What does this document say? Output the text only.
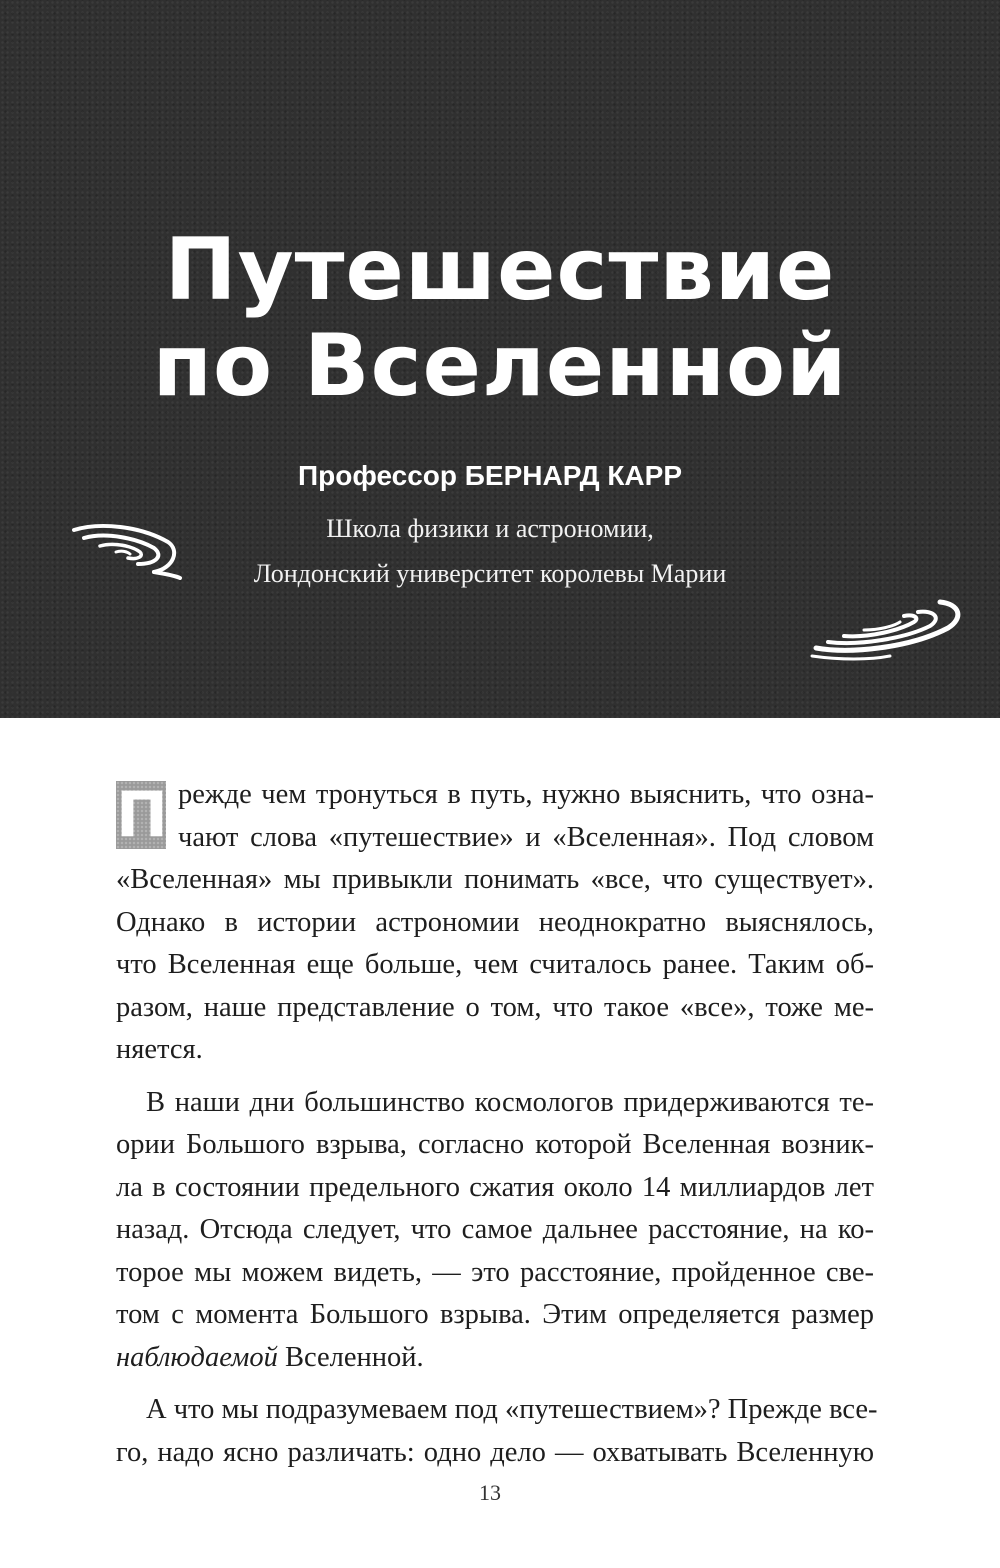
Путешествие
по Вселенной
Профессор БЕРНАРД КАРР
Школа физики и астрономии,
Лондонский университет королевы Марии
П режде чем тронуться в путь, нужно выяснить, что озна-
чают слова «путешествие» и «Вселенная». Под словом
«Вселенная» мы привыкли понимать «все, что существует».
Однако в истории астрономии неоднократно выяснялось,
что Вселенная еще больше, чем считалось ранее. Таким об-
разом, наше представление о том, что такое «все», тоже ме-
няется.
В наши дни большинство космологов придерживаются те-
ории Большого взрыва, согласно которой Вселенная возник-
ла в состоянии предельного сжатия около 14 миллиардов лет
назад. Отсюда следует, что самое дальнее расстояние, на ко-
торое мы можем видеть, — это расстояние, пройденное све-
том с момента Большого взрыва. Этим определяется размер
наблюдаемой Вселенной.
А что мы подразумеваем под «путешествием»? Прежде все-
го, надо ясно различать: одно дело — охватывать Вселенную
13
